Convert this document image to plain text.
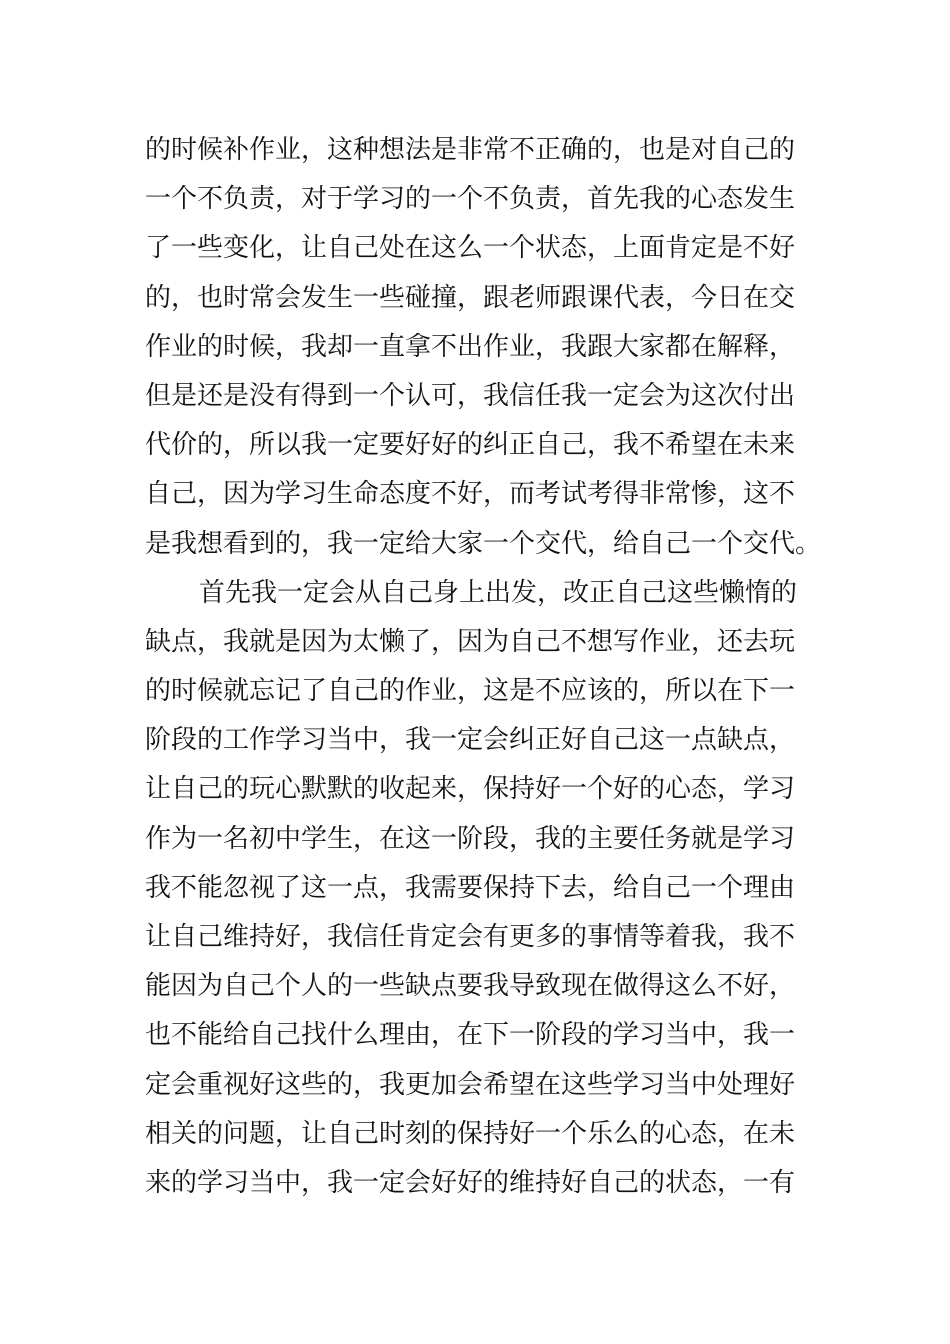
的时候补作业，这种想法是非常不正确的，也是对自己的
一个不负责，对于学习的一个不负责，首先我的心态发生
了一些变化，让自己处在这么一个状态，上面肯定是不好
的，也时常会发生一些碰撞，跟老师跟课代表，今日在交
作业的时候，我却一直拿不出作业，我跟大家都在解释，
但是还是没有得到一个认可，我信任我一定会为这次付出
代价的，所以我一定要好好的纠正自己，我不希望在未来
自己，因为学习生命态度不好，而考试考得非常惨，这不
是我想看到的，我一定给大家一个交代，给自己一个交代。
首先我一定会从自己身上出发，改正自己这些懒惰的
缺点，我就是因为太懒了，因为自己不想写作业，还去玩
的时候就忘记了自己的作业，这是不应该的，所以在下一
阶段的工作学习当中，我一定会纠正好自己这一点缺点，
让自己的玩心默默的收起来，保持好一个好的心态，学习
作为一名初中学生，在这一阶段，我的主要任务就是学习
我不能忽视了这一点，我需要保持下去，给自己一个理由
让自己维持好，我信任肯定会有更多的事情等着我，我不
能因为自己个人的一些缺点要我导致现在做得这么不好，
也不能给自己找什么理由，在下一阶段的学习当中，我一
定会重视好这些的，我更加会希望在这些学习当中处理好
相关的问题，让自己时刻的保持好一个乐么的心态，在未
来的学习当中，我一定会好好的维持好自己的状态，一有
